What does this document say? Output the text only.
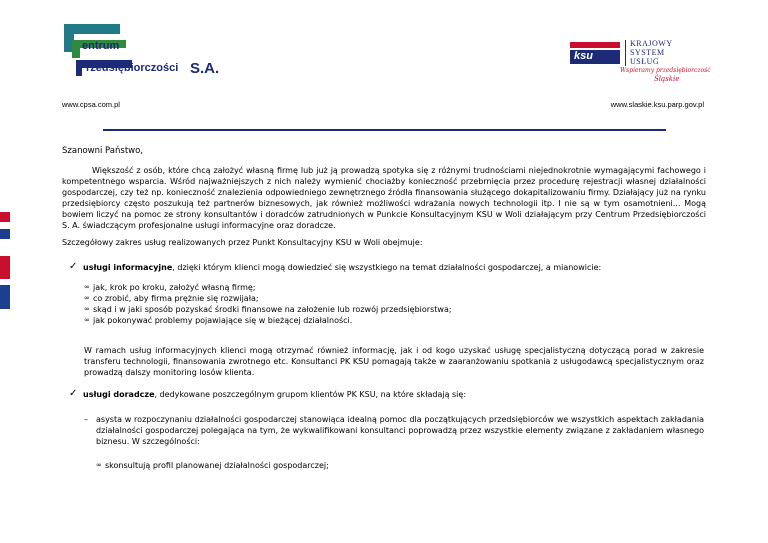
entrum
rzedsiębiorczości S.A.
ksu
KRAJOWY
SYSTEM
USŁUG
Wspieramy przedsiębiorczość
Śląskie
www.cpsa.com.pl	www.slaskie.ksu.parp.gov.pl
Szanowni Państwo,
Większość z osób, które chcą założyć własną firmę lub już ją prowadzą spotyka się z różnymi trudnościami niejednokrotnie wymagającymi fachowego i kompetentnego wsparcia. Wśród najważniejszych z nich należy wymienić chociażby konieczność przebrnięcia przez procedurę rejestracji własnej działalności gospodarczej, czy też np. konieczność znalezienia odpowiedniego zewnętrznego źródła finansowania służącego dokapitalizowaniu firmy. Działający już na rynku przedsiębiorcy często poszukują też partnerów biznesowych, jak również możliwości wdrażania nowych technologii itp. I nie są w tym osamotnieni... Mogą bowiem liczyć na pomoc ze strony konsultantów i doradców zatrudnionych w Punkcie Konsultacyjnym KSU w Woli działającym przy Centrum Przedsiębiorczości S. A. świadczącym profesjonalne usługi informacyjne oraz doradcze.
Szczegółowy zakres usług realizowanych przez Punkt Konsultacyjny KSU w Woli obejmuje:
✓ usługi informacyjne, dzięki którym klienci mogą dowiedzieć się wszystkiego na temat działalności gospodarczej, a mianowicie:
∞ jak, krok po kroku, założyć własną firmę;
∞ co zrobić, aby firma prężnie się rozwijała;
∞ skąd i w jaki sposób pozyskać środki finansowe na założenie lub rozwój przedsiębiorstwa;
∞ jak pokonywać problemy pojawiające się w bieżącej działalności.
W ramach usług informacyjnych klienci mogą otrzymać również informację, jak i od kogo uzyskać usługę specjalistyczną dotyczącą porad w zakresie transferu technologii, finansowania zwrotnego etc. Konsultanci PK KSU pomagają także w zaaranżowaniu spotkania z usługodawcą specjalistycznym oraz prowadzą dalszy monitoring losów klienta.
✓ usługi doradcze, dedykowane poszczególnym grupom klientów PK KSU, na które składają się:
–	asysta w rozpoczynaniu działalności gospodarczej stanowiąca idealną pomoc dla początkujących przedsiębiorców we wszystkich aspektach zakładania działalności gospodarczej polegająca na tym, że wykwalifikowani konsultanci poprowadzą przez wszystkie elementy związane z zakładaniem własnego biznesu. W szczególności:
∞ skonsultują profil planowanej działalności gospodarczej;
